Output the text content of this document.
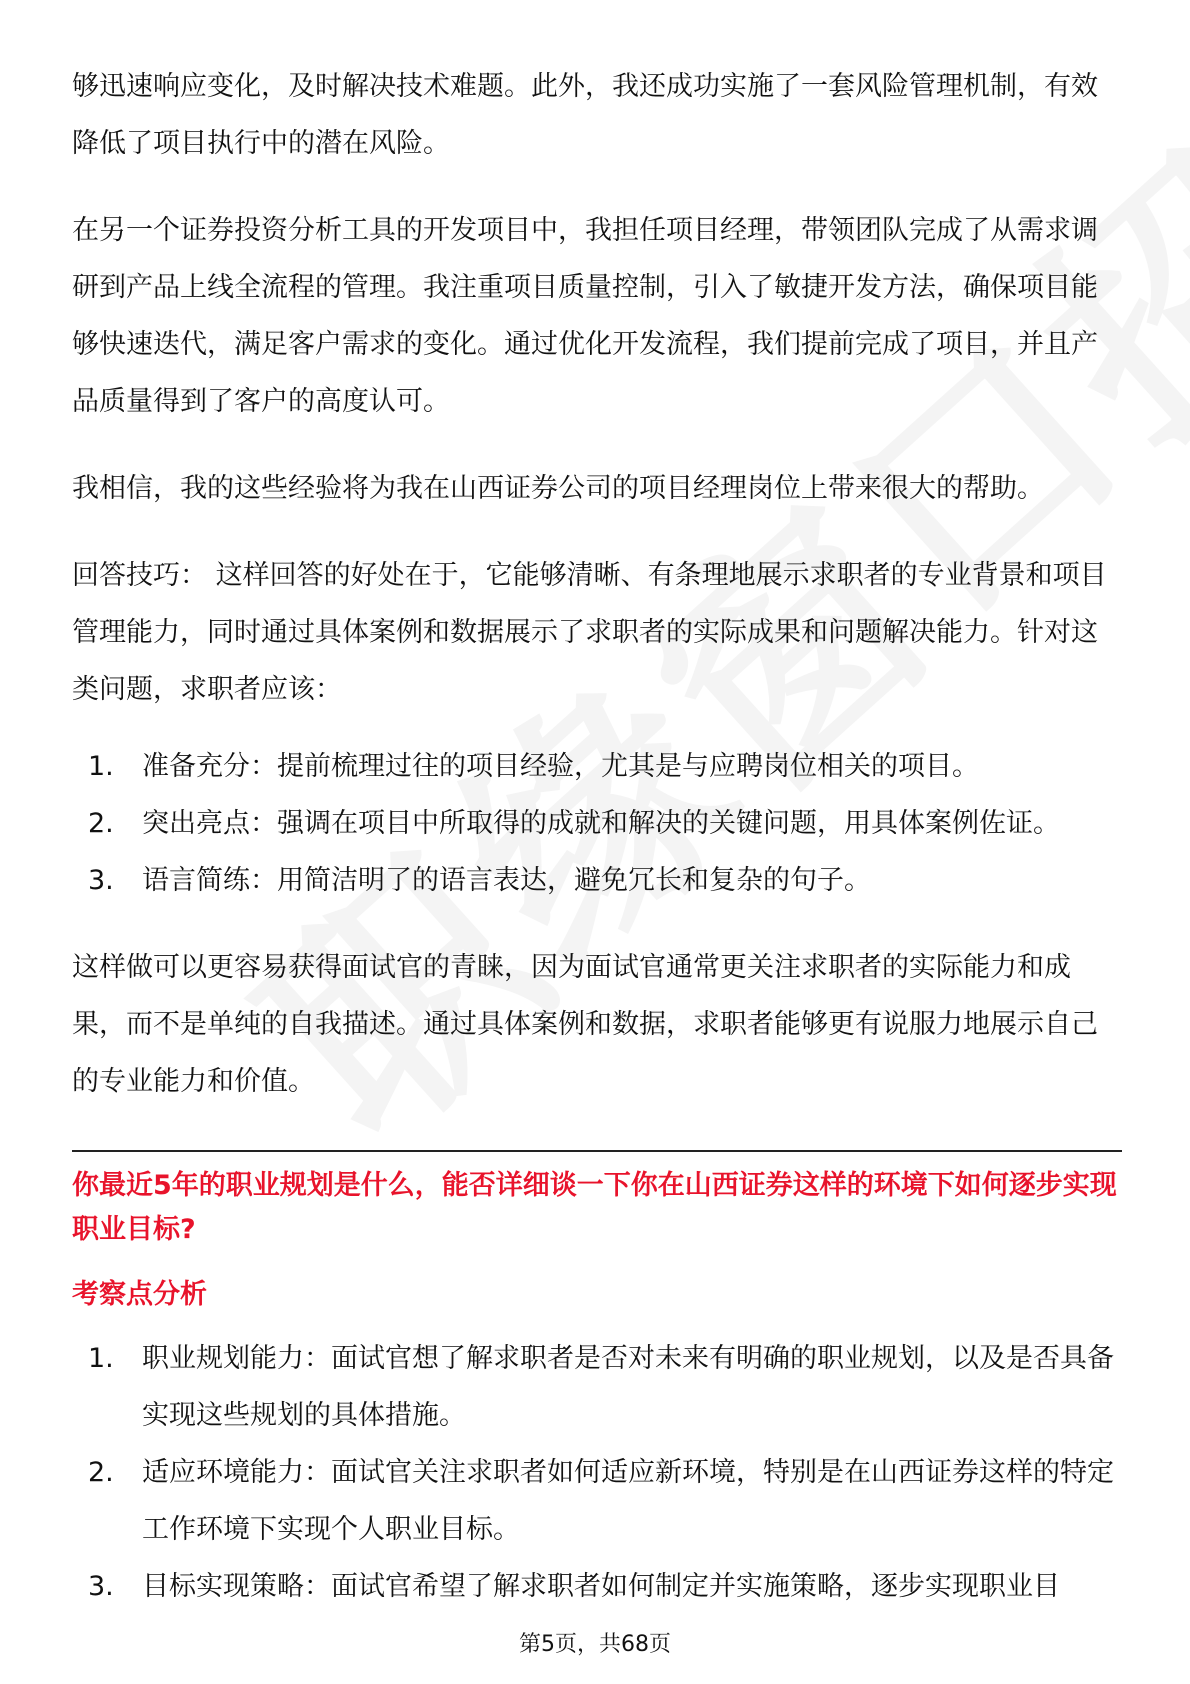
够迅速响应变化，及时解决技术难题。此外，我还成功实施了一套风险管理机制，有效降低了项目执行中的潜在风险。

在另一个证券投资分析工具的开发项目中，我担任项目经理，带领团队完成了从需求调研到产品上线全流程的管理。我注重项目质量控制，引入了敏捷开发方法，确保项目能够快速迭代，满足客户需求的变化。通过优化开发流程，我们提前完成了项目，并且产品质量得到了客户的高度认可。

我相信，我的这些经验将为我在山西证券公司的项目经理岗位上带来很大的帮助。

回答技巧： 这样回答的好处在于，它能够清晰、有条理地展示求职者的专业背景和项目管理能力，同时通过具体案例和数据展示了求职者的实际成果和问题解决能力。针对这类问题，求职者应该：

1.	准备充分：提前梳理过往的项目经验，尤其是与应聘岗位相关的项目。
2.	突出亮点：强调在项目中所取得的成就和解决的关键问题，用具体案例佐证。
3.	语言简练：用简洁明了的语言表达，避免冗长和复杂的句子。

这样做可以更容易获得面试官的青睐，因为面试官通常更关注求职者的实际能力和成果，而不是单纯的自我描述。通过具体案例和数据，求职者能够更有说服力地展示自己的专业能力和价值。

你最近5年的职业规划是什么，能否详细谈一下你在山西证券这样的环境下如何逐步实现职业目标?
考察点分析
1.	职业规划能力：面试官想了解求职者是否对未来有明确的职业规划，以及是否具备实现这些规划的具体措施。
2.	适应环境能力：面试官关注求职者如何适应新环境，特别是在山西证券这样的特定工作环境下实现个人职业目标。
3.	目标实现策略：面试官希望了解求职者如何制定并实施策略，逐步实现职业目
第5页，共68页
